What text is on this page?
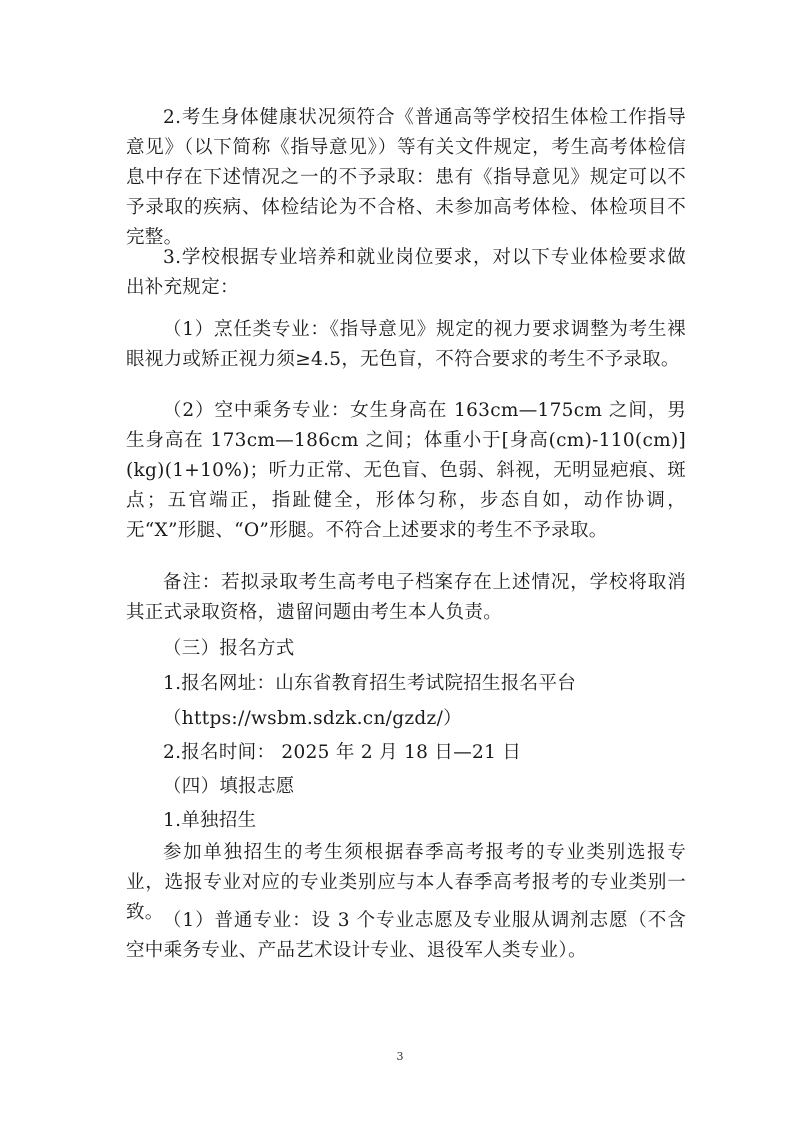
2.考生身体健康状况须符合《普通高等学校招生体检工作指导意见》（以下简称《指导意见》）等有关文件规定，考生高考体检信息中存在下述情况之一的不予录取：患有《指导意见》规定可以不予录取的疾病、体检结论为不合格、未参加高考体检、体检项目不完整。

3.学校根据专业培养和就业岗位要求，对以下专业体检要求做出补充规定：

（1）烹任类专业：《指导意见》规定的视力要求调整为考生裸眼视力或矫正视力须≥4.5，无色盲，不符合要求的考生不予录取。

（2）空中乘务专业：女生身高在 163cm—175cm 之间，男生身高在 173cm—186cm 之间；体重小于[身高(cm)-110(cm)](kg)(1+10%)；听力正常、无色盲、色弱、斜视，无明显疤痕、斑点；五官端正，指趾健全，形体匀称，步态自如，动作协调，无“X”形腿、“O”形腿。不符合上述要求的考生不予录取。

备注：若拟录取考生高考电子档案存在上述情况，学校将取消其正式录取资格，遗留问题由考生本人负责。

（三）报名方式

1.报名网址：山东省教育招生考试院招生报名平台

（https://wsbm.sdzk.cn/gzdz/）

2.报名时间： 2025 年 2 月 18 日—21 日

（四）填报志愿

1.单独招生

参加单独招生的考生须根据春季高考报考的专业类别选报专业，选报专业对应的专业类别应与本人春季高考报考的专业类别一致。 （1）普通专业：设 3 个专业志愿及专业服从调剂志愿（不含空中乘务专业、产品艺术设计专业、退役军人类专业）。

3
